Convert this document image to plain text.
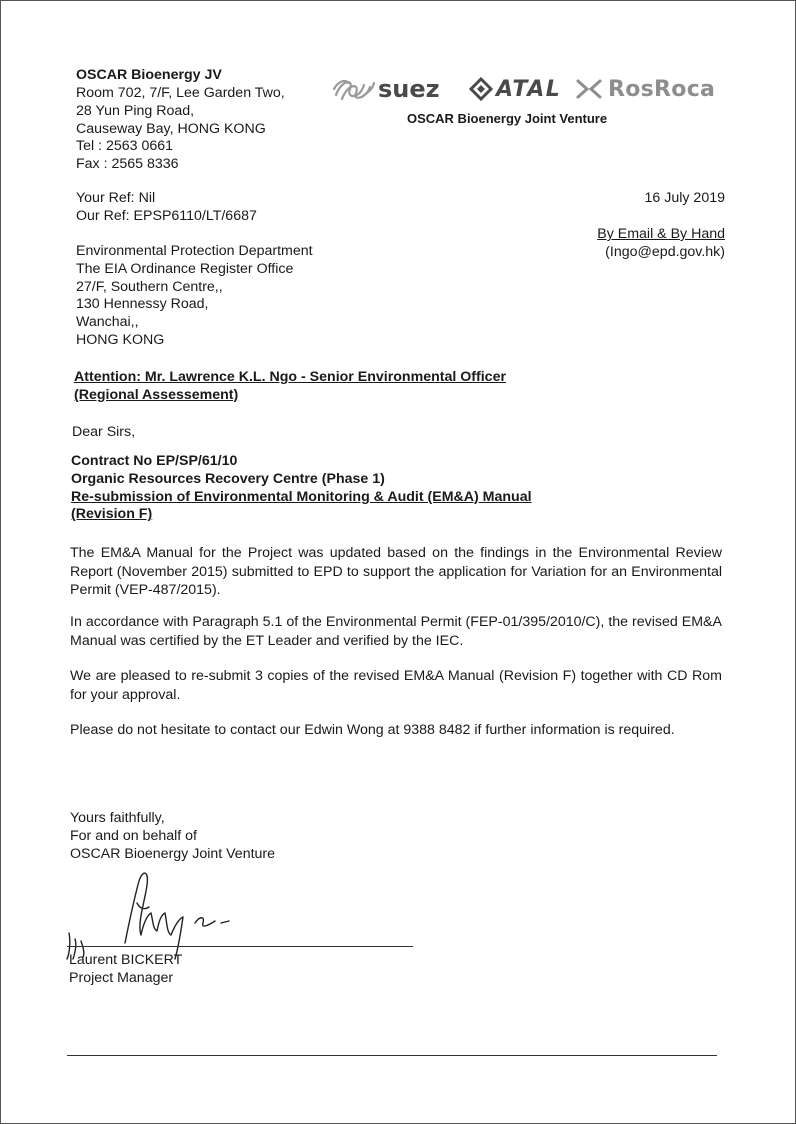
OSCAR Bioenergy JV
Room 702, 7/F, Lee Garden Two,
28 Yun Ping Road,
Causeway Bay, HONG KONG
Tel : 2563 0661
Fax : 2565 8336
suez	ATAL RosRoca
OSCAR Bioenergy Joint Venture
Your Ref: Nil
Our Ref: EPSP6110/LT/6687
16 July 2019
By Email & By Hand
(Ingo@epd.gov.hk)
Environmental Protection Department
The EIA Ordinance Register Office
27/F, Southern Centre,,
130 Hennessy Road,
Wanchai,,
HONG KONG
Attention: Mr. Lawrence K.L. Ngo - Senior Environmental Officer
(Regional Assessement)
Dear Sirs,
Contract No EP/SP/61/10
Organic Resources Recovery Centre (Phase 1)
Re-submission of Environmental Monitoring & Audit (EM&A) Manual
(Revision F)
The EM&A Manual for the Project was updated based on the findings in the Environmental Review Report (November 2015) submitted to EPD to support the application for Variation for an Environmental Permit (VEP-487/2015).
In accordance with Paragraph 5.1 of the Environmental Permit (FEP-01/395/2010/C), the revised EM&A Manual was certified by the ET Leader and verified by the IEC.
We are pleased to re-submit 3 copies of the revised EM&A Manual (Revision F) together with CD Rom for your approval.
Please do not hesitate to contact our Edwin Wong at 9388 8482 if further information is required.
Yours faithfully,
For and on behalf of
OSCAR Bioenergy Joint Venture
Laurent BICKERT
Project Manager
